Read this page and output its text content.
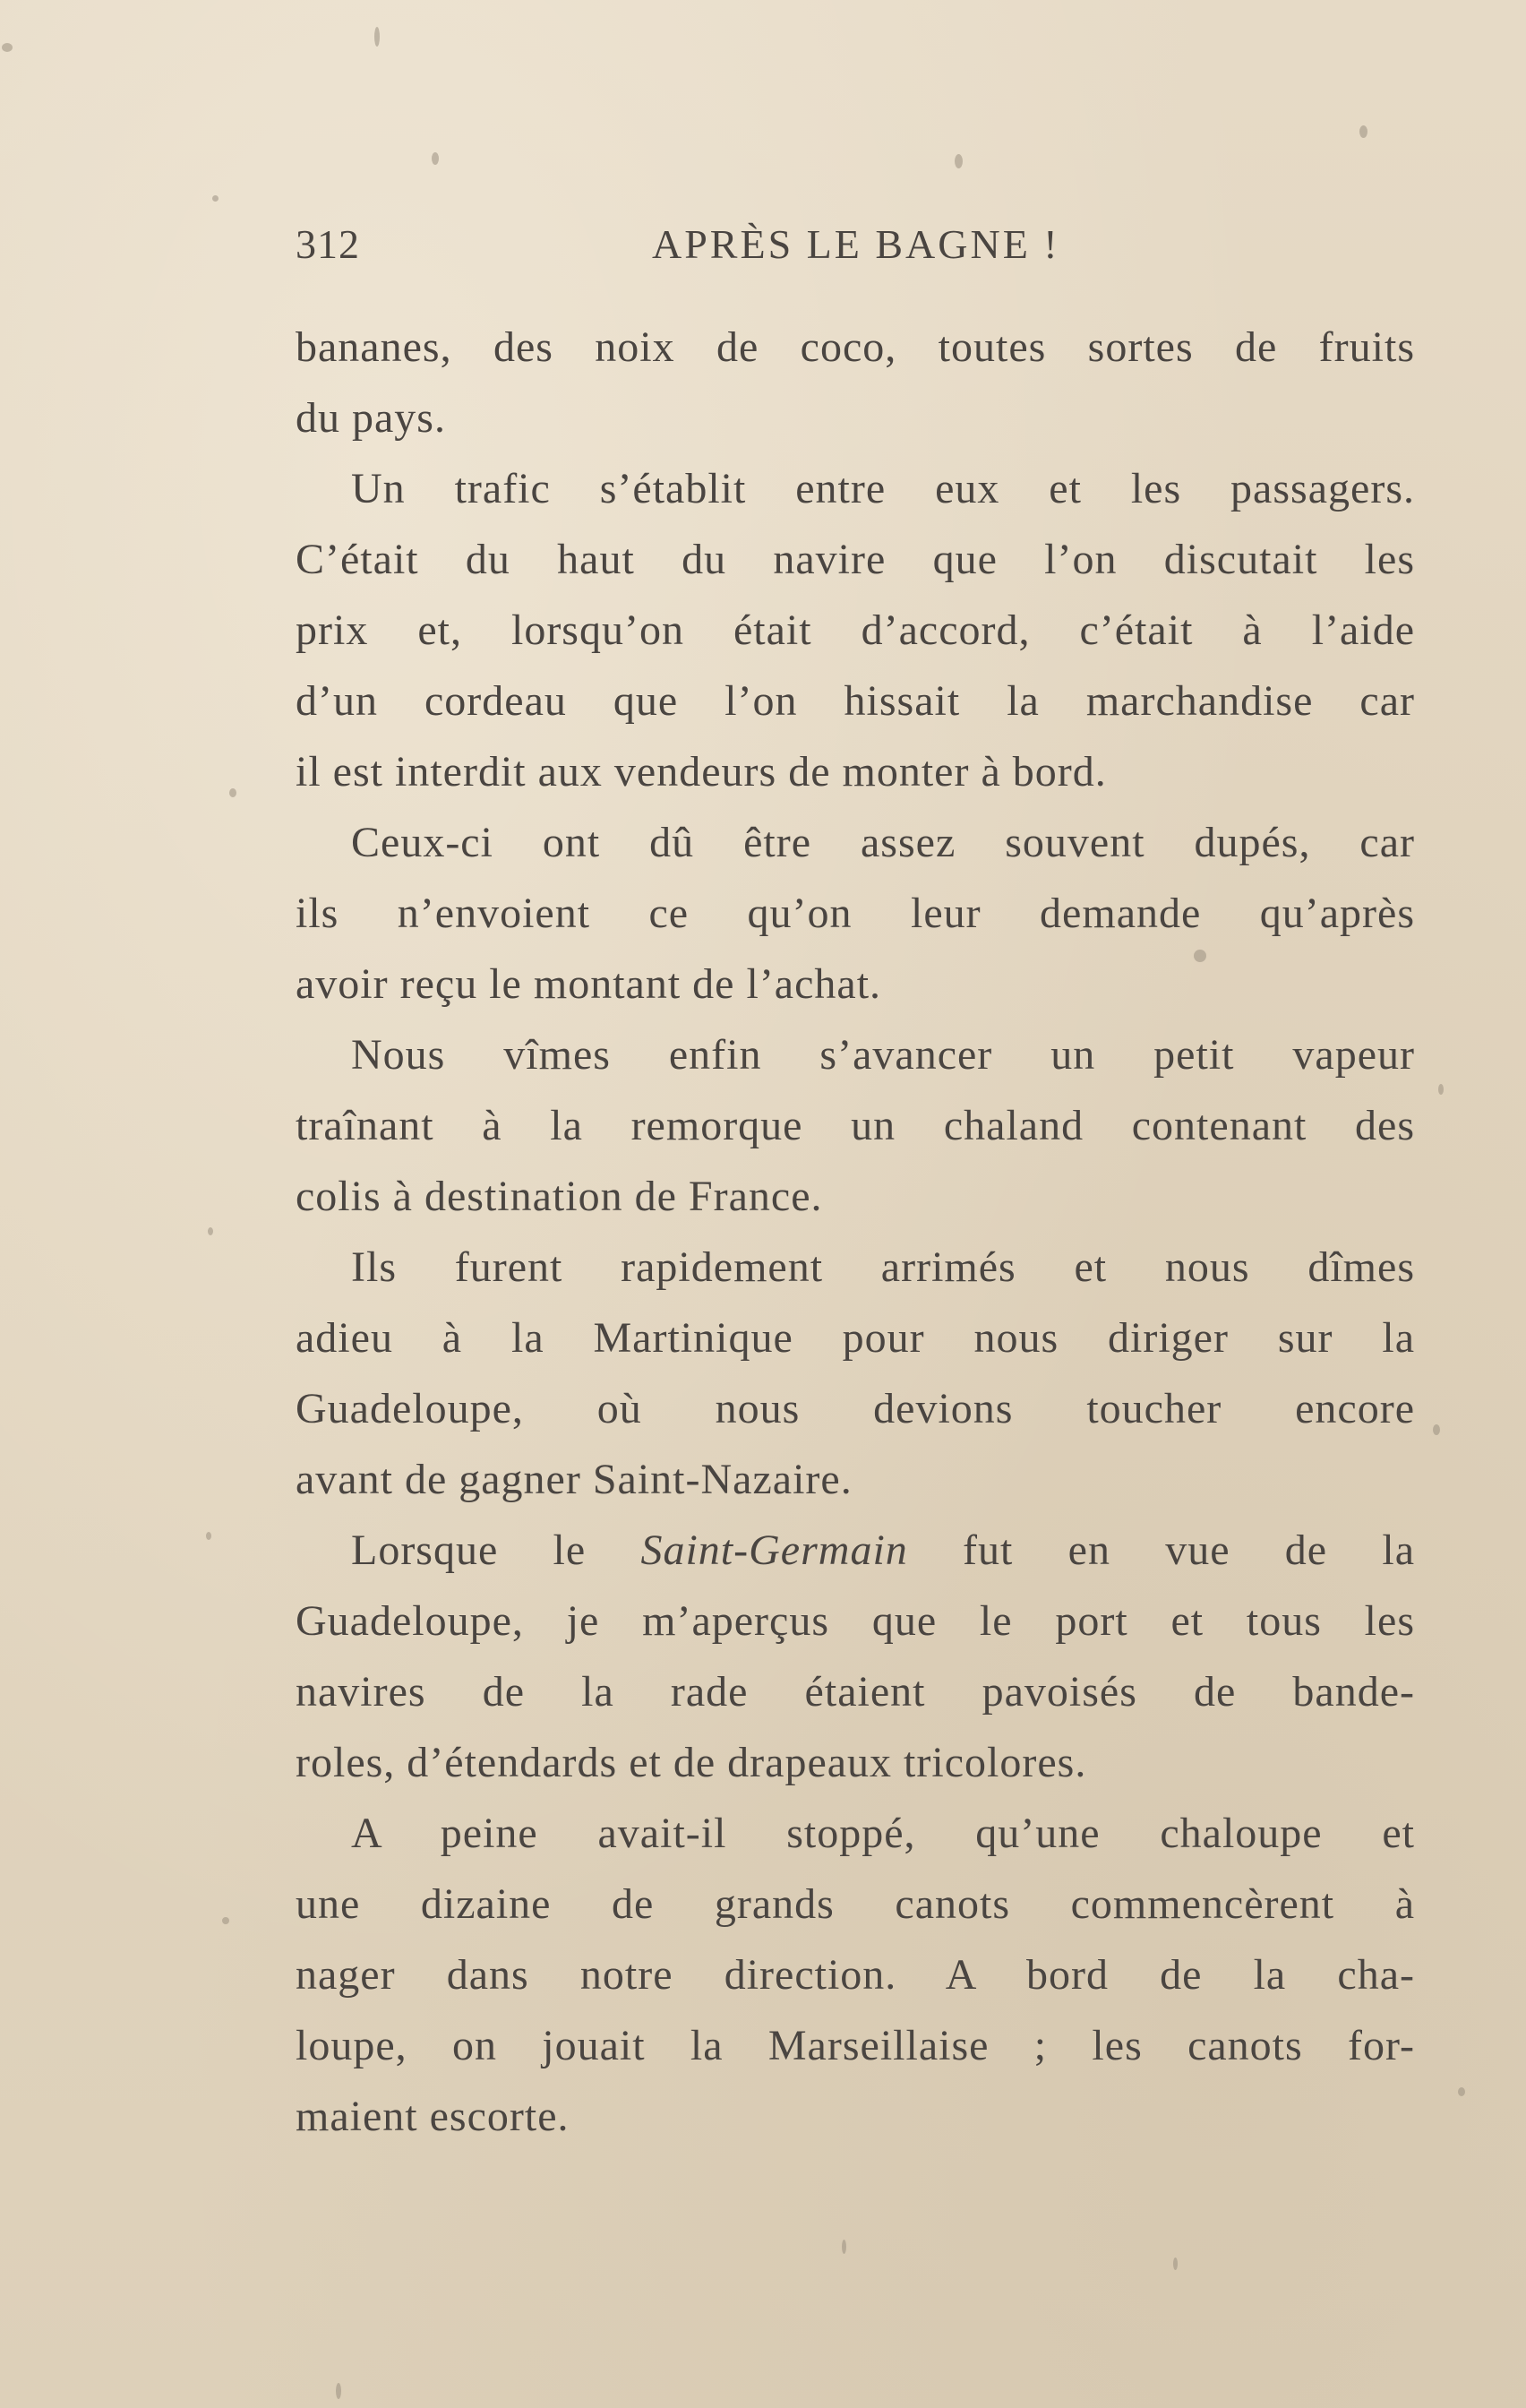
312	APRÈS LE BAGNE !
bananes, des noix de coco, toutes sortes de fruits
du pays.
Un trafic s’établit entre eux et les passagers.
C’était du haut du navire que l’on discutait les
prix et, lorsqu’on était d’accord, c’était à l’aide
d’un cordeau que l’on hissait la marchandise car
il est interdit aux vendeurs de monter à bord.
Ceux-ci ont dû être assez souvent dupés, car
ils n’envoient ce qu’on leur demande qu’après
avoir reçu le montant de l’achat.
Nous vîmes enfin s’avancer un petit vapeur
traînant à la remorque un chaland contenant des
colis à destination de France.
Ils furent rapidement arrimés et nous dîmes
adieu à la Martinique pour nous diriger sur la
Guadeloupe, où nous devions toucher encore
avant de gagner Saint-Nazaire.
Lorsque le Saint-Germain fut en vue de la
Guadeloupe, je m’aperçus que le port et tous les
navires de la rade étaient pavoisés de bande-
roles, d’étendards et de drapeaux tricolores.
A peine avait-il stoppé, qu’une chaloupe et
une dizaine de grands canots commencèrent à
nager dans notre direction. A bord de la cha-
loupe, on jouait la Marseillaise ; les canots for-
maient escorte.
